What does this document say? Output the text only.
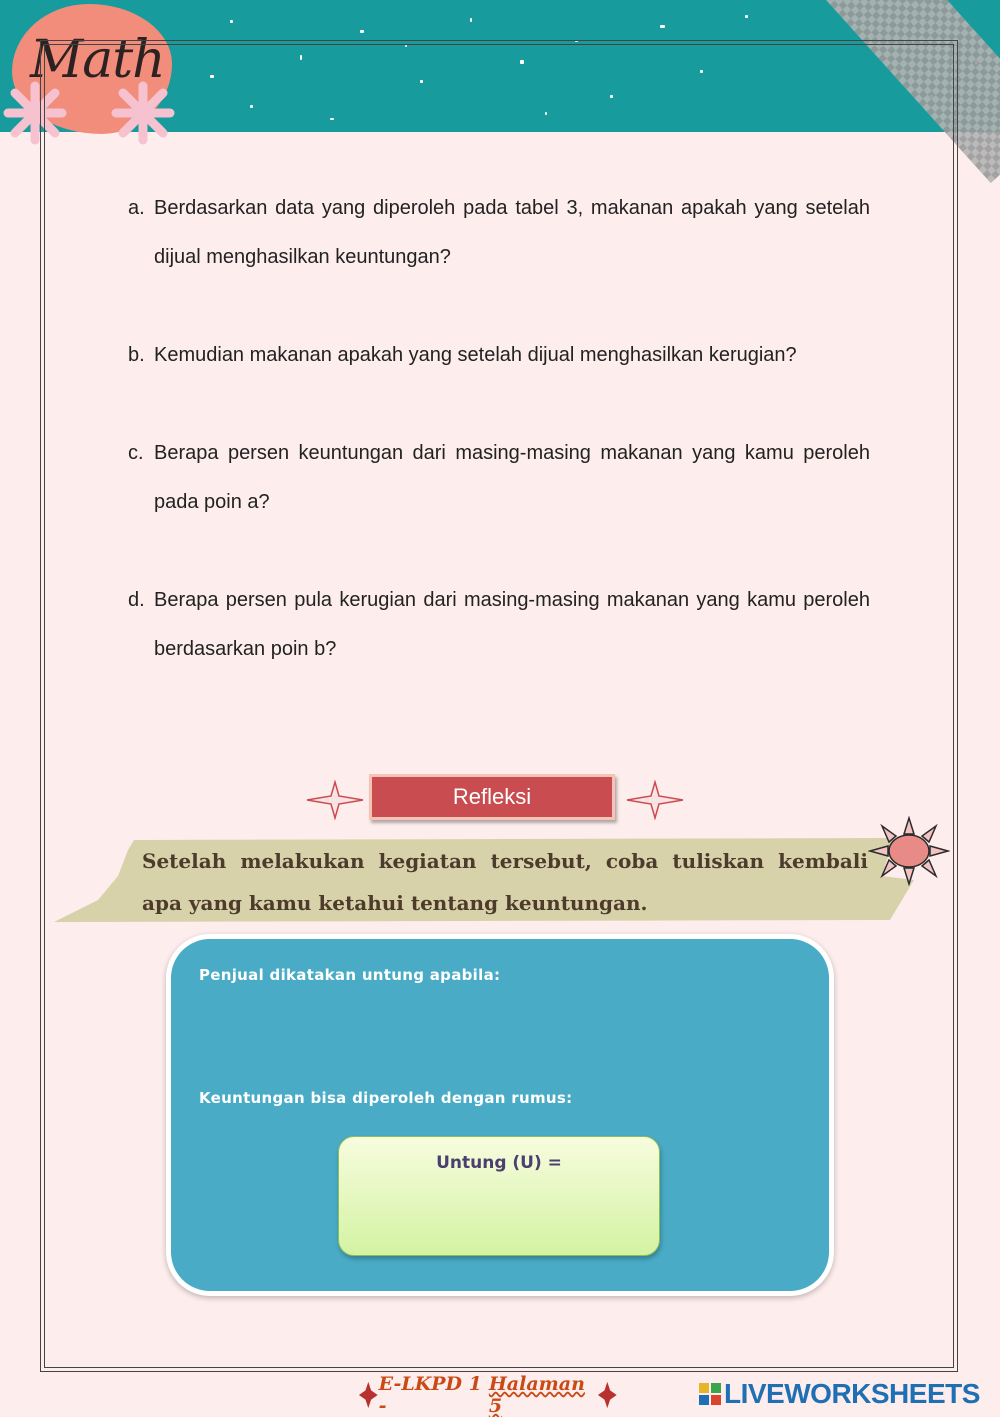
Math
a. Berdasarkan data yang diperoleh pada tabel 3, makanan apakah yang setelah dijual menghasilkan keuntungan?
b. Kemudian makanan apakah yang setelah dijual menghasilkan kerugian?
c. Berapa persen keuntungan dari masing-masing makanan yang kamu peroleh pada poin a?
d. Berapa persen pula kerugian dari masing-masing makanan yang kamu peroleh berdasarkan poin b?
Refleksi
Setelah melakukan kegiatan tersebut, coba tuliskan kembali apa yang kamu ketahui tentang keuntungan.
Penjual dikatakan untung apabila:
Keuntungan bisa diperoleh dengan rumus:
Untung (U) =
E-LKPD 1 -
Halaman 5	LIVEWORKSHEETS
